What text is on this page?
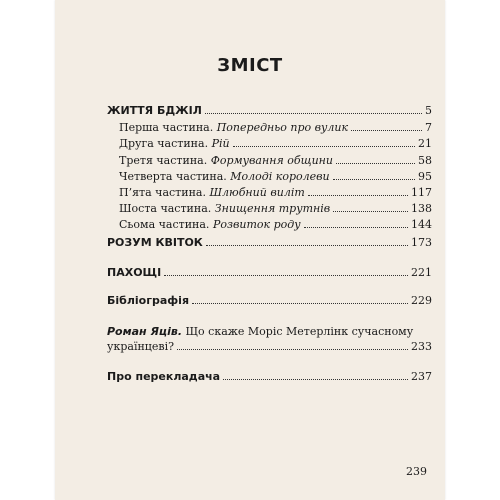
ЗМІСТ
ЖИТТЯ БДЖІЛ	5
Перша частина. Попередньо про вулик	7
Друга частина. Рій	21
Третя частина. Формування общини	58
Четверта частина. Молоді королеви	95
П’ята частина. Шлюбний виліт	117
Шоста частина. Знищення трутнів	138
Сьома частина. Розвиток роду	144
РОЗУМ КВІТОК	173
ПАХОЩІ	221
Бібліографія	229
Роман Яців. Що скаже Моріс Метерлінк сучасному
українцеві?	233
Про перекладача	237
239
